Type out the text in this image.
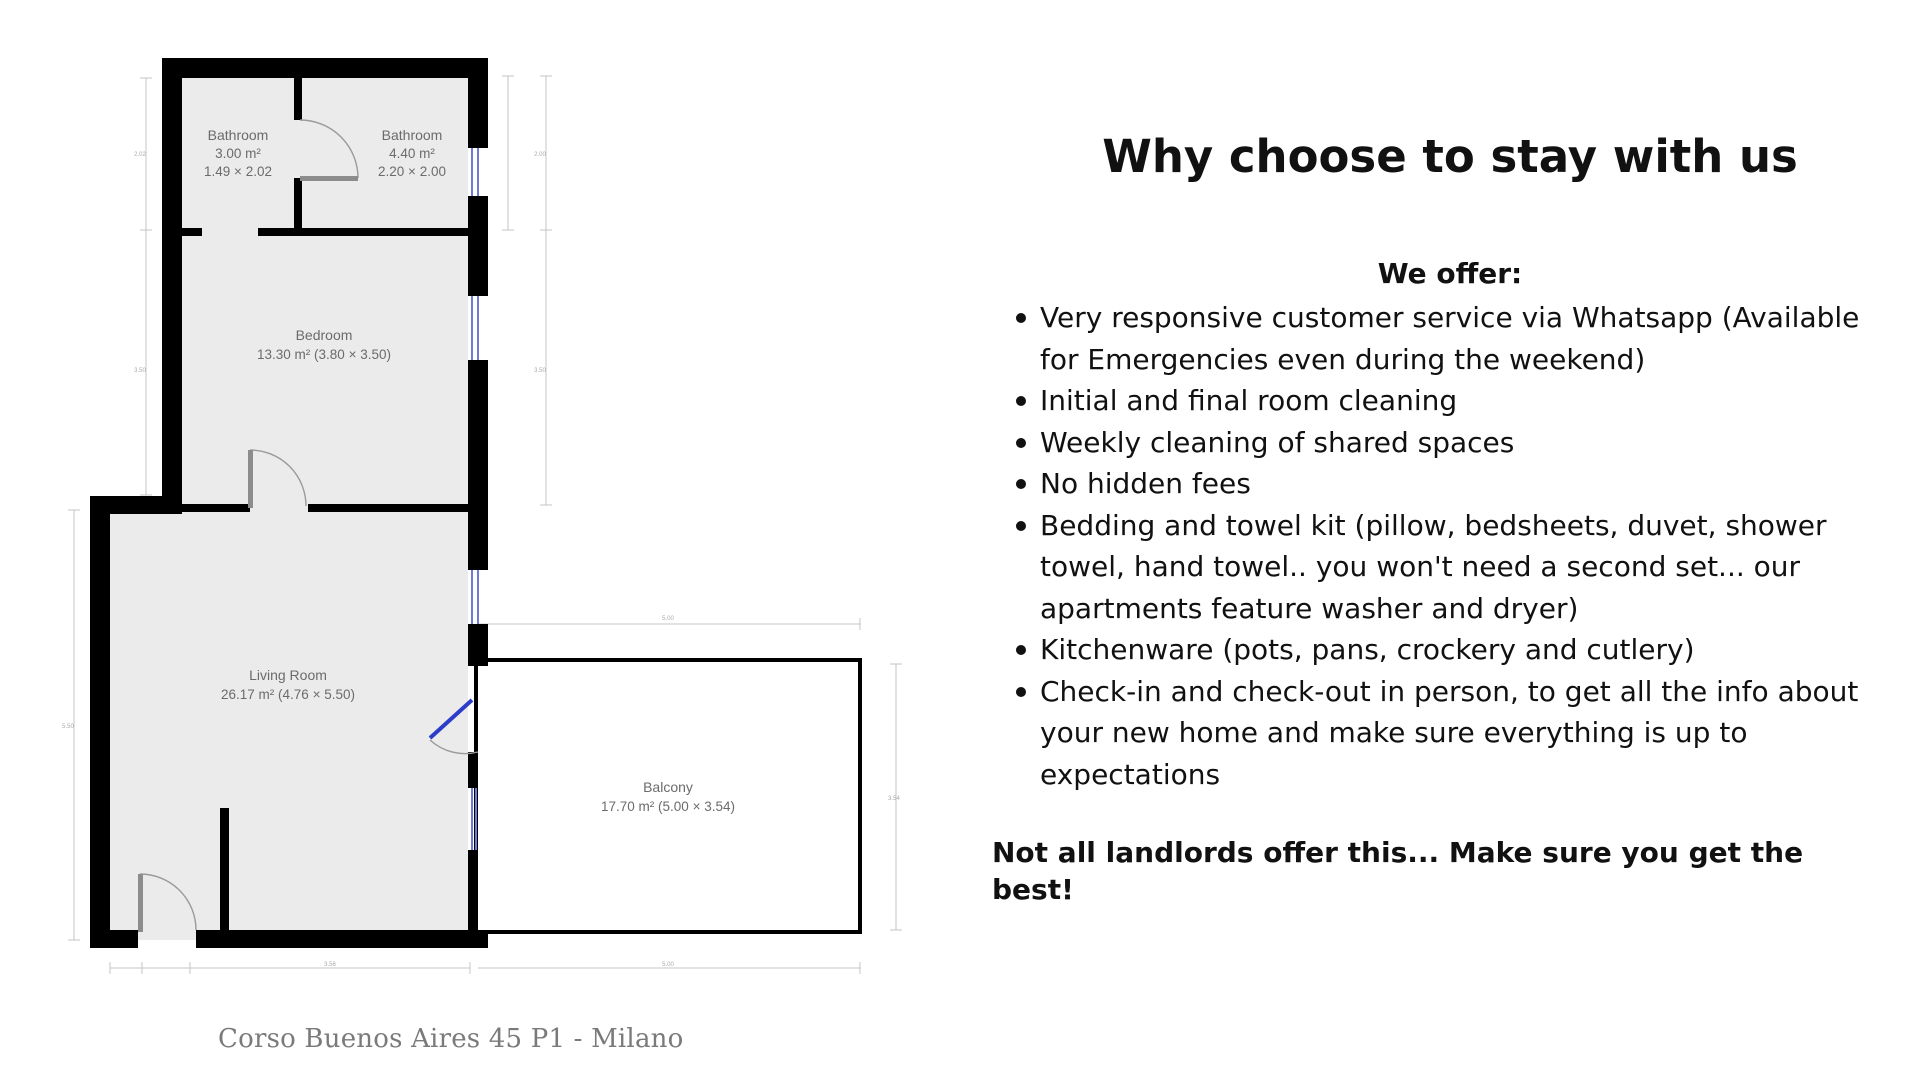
2.02
3.50
5.50
2.00
3.50
5.00
3.54
3.56	5.00
Bathroom
3.00 m²
1.49 × 2.02
Bathroom
4.40 m²
2.20 × 2.00
Bedroom
13.30 m² (3.80 × 3.50)
Living Room
26.17 m² (4.76 × 5.50)
Balcony
17.70 m² (5.00 × 3.54)
Corso Buenos Aires 45 P1 - Milano
Why choose to stay with us
We offer:
Very responsive customer service via Whatsapp (Available for Emergencies even during the weekend)
Initial and final room cleaning
Weekly cleaning of shared spaces
No hidden fees
Bedding and towel kit (pillow, bedsheets, duvet, shower towel, hand towel.. you won't need a second set... our apartments feature washer and dryer)
Kitchenware (pots, pans, crockery and cutlery)
Check-in and check-out in person, to get all the info about your new home and make sure everything is up to expectations
Not all landlords offer this... Make sure you get the best!
